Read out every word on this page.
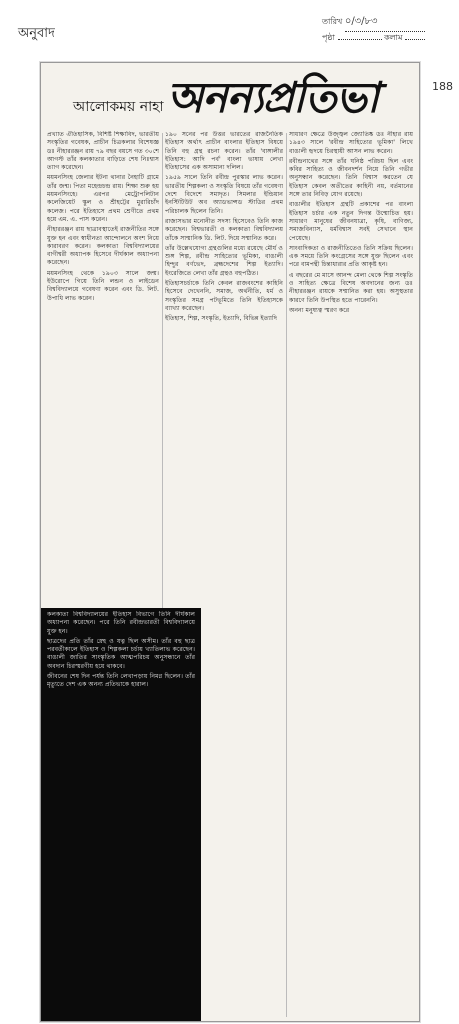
অনুবাদ
তারিখ ০/৩/৮৩
পৃষ্ঠা	কলাম
188
আলোকময় নাহা অনন্যপ্রতিভা

প্রখ্যাত ঐতিহাসিক, বিশিষ্ট শিক্ষাবিদ, ভারতীয় সংস্কৃতির গবেষক, প্রাচীন চিত্রকলার বিশেষজ্ঞ ডঃ নীহাররঞ্জন রায় ৭৯ বছর বয়সে গত ৩০শে আগস্ট তাঁর কলকাতার বাড়িতে শেষ নিঃশ্বাস ত্যাগ করেছেন।

ময়মনসিংহ জেলার ইটনা থানার নৈহাটি গ্রামে তাঁর জন্ম। পিতা মহেন্দ্রচন্দ্র রায়। শিক্ষা শুরু হয় ময়মনসিংহে। এরপর মেট্রোপলিটান কলেজিয়েট স্কুল ও শ্রীহট্টের মুরারিচাঁদ কলেজ। পরে ইতিহাসে প্রথম শ্রেণীতে প্রথম হয়ে এম. এ. পাস করেন।

নীহাররঞ্জন রায় ছাত্রাবস্থাতেই রাজনীতির সঙ্গে যুক্ত হন এবং স্বাধীনতা আন্দোলনে অংশ নিয়ে কারাবরণ করেন। কলকাতা বিশ্ববিদ্যালয়ের বাগীশ্বরী অধ্যাপক হিসেবে দীর্ঘকাল অধ্যাপনা করেছেন।

ময়মনসিংহ থেকে ১৯০৩ সালে জন্ম। ইউরোপে গিয়ে তিনি লন্ডন ও লাইডেন বিশ্ববিদ্যালয়ে গবেষণা করেন এবং ডি. লিট. উপাধি লাভ করেন।

১৯০ সনের পর উত্তর ভারতের রাজনৈতিক ইতিহাস অর্থাৎ প্রাচীন বাংলার ইতিহাস বিষয়ে তিনি বহু গ্রন্থ রচনা করেন। তাঁর 'বাঙ্গালীর ইতিহাস: আদি পর্ব' বাংলা ভাষায় লেখা ইতিহাসের এক অসামান্য দলিল।

১৯৫৯ সালে তিনি রবীন্দ্র পুরস্কার লাভ করেন। ভারতীয় শিল্পকলা ও সংস্কৃতি বিষয়ে তাঁর গবেষণা দেশে বিদেশে সমাদৃত। সিমলার ইন্ডিয়ান ইনস্টিটিউট অব অ্যাডভান্সড স্টাডির প্রথম পরিচালক ছিলেন তিনি।

রাজ্যসভার মনোনীত সদস্য হিসেবেও তিনি কাজ করেছেন। বিশ্বভারতী ও কলকাতা বিশ্ববিদ্যালয় তাঁকে সাম্মানিক ডি. লিট. দিয়ে সম্মানিত করে।

তাঁর উল্লেখযোগ্য গ্রন্থগুলির মধ্যে রয়েছে মৌর্য ও শুঙ্গ শিল্প, রবীন্দ্র সাহিত্যের ভূমিকা, বাঙালী হিন্দুর বর্ণভেদ, ব্রহ্মদেশের শিল্প ইত্যাদি। ইংরেজিতে লেখা তাঁর গ্রন্থও বহুপঠিত।

ইতিহাসচর্চাকে তিনি কেবল রাজবংশের কাহিনি হিসেবে দেখেননি, সমাজ, অর্থনীতি, ধর্ম ও সংস্কৃতির সমগ্র পটভূমিতে তিনি ইতিহাসকে ব্যাখ্যা করেছেন।

ইতিহাস, শিল্প, সংস্কৃতি, ইত্যাদি, বিভিন্ন ইত্যাদি

সাধারণ ক্ষেত্রে উজ্জ্বল জ্যোতিষ্ক ডঃ নীহার রায় ১৯৪৩ সালে 'রবীন্দ্র সাহিত্যের ভূমিকা' লিখে বাঙালী হৃদয়ে চিরস্থায়ী আসন লাভ করেন।

রবীন্দ্রনাথের সঙ্গে তাঁর ঘনিষ্ঠ পরিচয় ছিল এবং কবির সাহিত্য ও জীবনদর্শন নিয়ে তিনি গভীর অনুসন্ধান করেছেন। তিনি বিশ্বাস করতেন যে ইতিহাস কেবল অতীতের কাহিনী নয়, বর্তমানের সঙ্গে তার নিবিড় যোগ রয়েছে।

বাঙালীর ইতিহাস গ্রন্থটি প্রকাশের পর বাংলা ইতিহাস চর্চার এক নতুন দিগন্ত উন্মোচিত হয়। সাধারণ মানুষের জীবনযাত্রা, কৃষি, বাণিজ্য, সমাজবিন্যাস, ধর্মবিশ্বাস সবই সেখানে স্থান পেয়েছে।

সাংবাদিকতা ও রাজনীতিতেও তিনি সক্রিয় ছিলেন। এক সময়ে তিনি কংগ্রেসের সঙ্গে যুক্ত ছিলেন এবং পরে বামপন্থী চিন্তাধারার প্রতি আকৃষ্ট হন।

এ বছরের মে মাসে আনন্দ মেলা থেকে শিল্প সংস্কৃতি ও সাহিত্য ক্ষেত্রে বিশেষ অবদানের জন্য ডঃ নীহাররঞ্জন রায়কে সম্মানিত করা হয়। অসুস্থতার কারণে তিনি উপস্থিত হতে পারেননি।

অনন্য মনুষ্যত্ব স্মরণ করে

কলকাতা বিশ্ববিদ্যালয়ের ইতিহাস বিভাগে তিনি দীর্ঘকাল অধ্যাপনা করেছেন। পরে তিনি রবীন্দ্রভারতী বিশ্ববিদ্যালয়ে যুক্ত হন।

ছাত্রদের প্রতি তাঁর স্নেহ ও যত্ন ছিল অসীম। তাঁর বহু ছাত্র পরবর্তীকালে ইতিহাস ও শিল্পকলা চর্চায় খ্যাতিলাভ করেছেন। বাঙালী জাতির সাংস্কৃতিক আত্মপরিচয় অনুসন্ধানে তাঁর অবদান চিরস্মরণীয় হয়ে থাকবে।

জীবনের শেষ দিন পর্যন্ত তিনি লেখাপড়ায় নিমগ্ন ছিলেন। তাঁর মৃত্যুতে দেশ এক অনন্য প্রতিভাকে হারাল।
